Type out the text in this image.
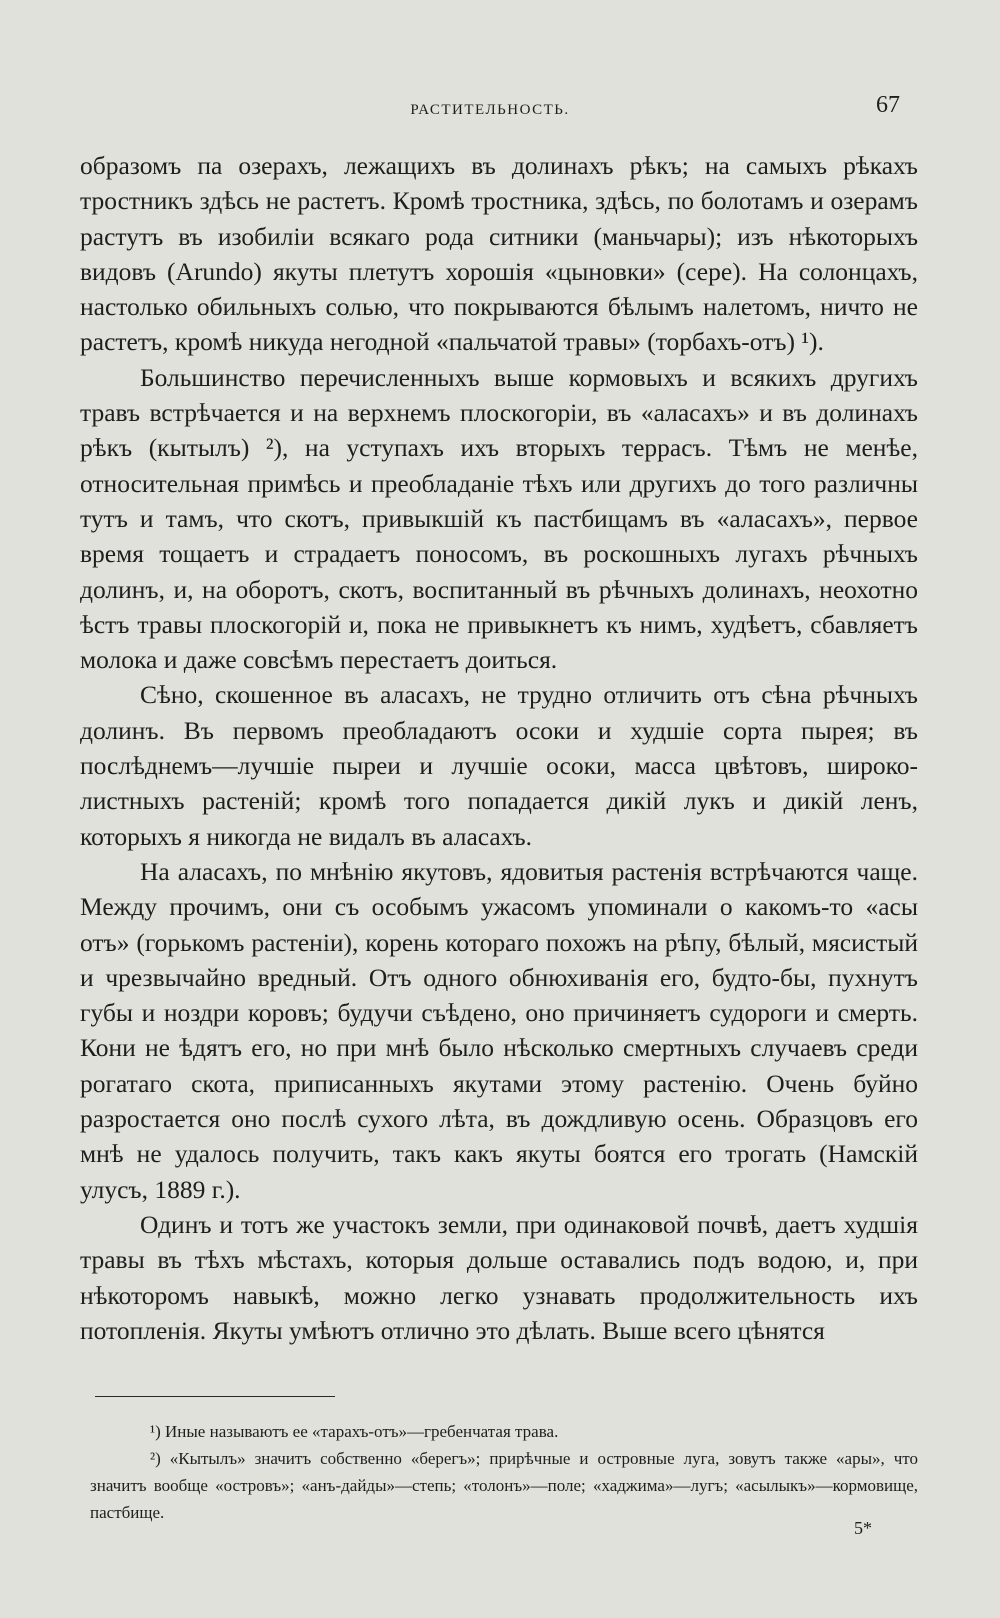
РАСТИТЕЛЬНОСТЬ.	67

образомъ па озерахъ, лежащихъ въ долинахъ рѣкъ; на самыхъ рѣкахъ тростникъ здѣсь не растетъ. Кромѣ тростника, здѣсь, по болотамъ и озерамъ растутъ въ изобиліи всякаго рода ситники (маньчары); изъ нѣкоторыхъ видовъ (Arundo) якуты плетутъ хорошія «цыновки» (сере). На солонцахъ, настолько обильныхъ солью, что покрываются бѣлымъ налетомъ, ничто не растетъ, кромѣ никуда негодной «пальчатой травы» (торбахъ-отъ) ¹).

Большинство перечисленныхъ выше кормовыхъ и всякихъ другихъ травъ встрѣчается и на верхнемъ плоскогоріи, въ «аласахъ» и въ долинахъ рѣкъ (кытылъ) ²), на уступахъ ихъ вторыхъ террасъ. Тѣмъ не менѣе, относительная примѣсь и преобладаніе тѣхъ или другихъ до того различны тутъ и тамъ, что скотъ, привыкшій къ пастбищамъ въ «аласахъ», первое время тощаетъ и страдаетъ поносомъ, въ роскошныхъ лугахъ рѣчныхъ долинъ, и, на оборотъ, скотъ, воспитанный въ рѣчныхъ долинахъ, неохотно ѣстъ травы плоскогорій и, пока не привыкнетъ къ нимъ, худѣетъ, сбавляетъ молока и даже совсѣмъ перестаетъ доиться.

Сѣно, скошенное въ аласахъ, не трудно отличить отъ сѣна рѣчныхъ долинъ. Въ первомъ преобладаютъ осоки и худшіе сорта пырея; въ послѣднемъ—лучшіе пыреи и лучшіе осоки, масса цвѣтовъ, широколистныхъ растеній; кромѣ того попадается дикій лукъ и дикій ленъ, которыхъ я никогда не видалъ въ аласахъ.

На аласахъ, по мнѣнію якутовъ, ядовитыя растенія встрѣчаются чаще. Между прочимъ, они съ особымъ ужасомъ упоминали о какомъ-то «асы отъ» (горькомъ растеніи), корень котораго похожъ на рѣпу, бѣлый, мясистый и чрезвычайно вредный. Отъ одного обнюхиванія его, будто-бы, пухнутъ губы и ноздри коровъ; будучи съѣдено, оно причиняетъ судороги и смерть. Кони не ѣдятъ его, но при мнѣ было нѣсколько смертныхъ случаевъ среди рогатаго скота, приписанныхъ якутами этому растенію. Очень буйно разростается оно послѣ сухого лѣта, въ дождливую осень. Образцовъ его мнѣ не удалось получить, такъ какъ якуты боятся его трогать (Намскій улусъ, 1889 г.).

Одинъ и тотъ же участокъ земли, при одинаковой почвѣ, даетъ худшія травы въ тѣхъ мѣстахъ, которыя дольше оставались подъ водою, и, при нѣкоторомъ навыкѣ, можно легко узнавать продолжительность ихъ потопленія. Якуты умѣютъ отлично это дѣлать. Выше всего цѣнятся

¹) Иные называютъ ее «тарахъ-отъ»—гребенчатая трава.

²) «Кытылъ» значитъ собственно «берегъ»; прирѣчные и островные луга, зовутъ также «ары», что значитъ вообще «островъ»; «анъ-дайды»—степь; «толонъ»—поле; «хаджима»—лугъ; «асылыкъ»—кормовище, пастбище.

5*
